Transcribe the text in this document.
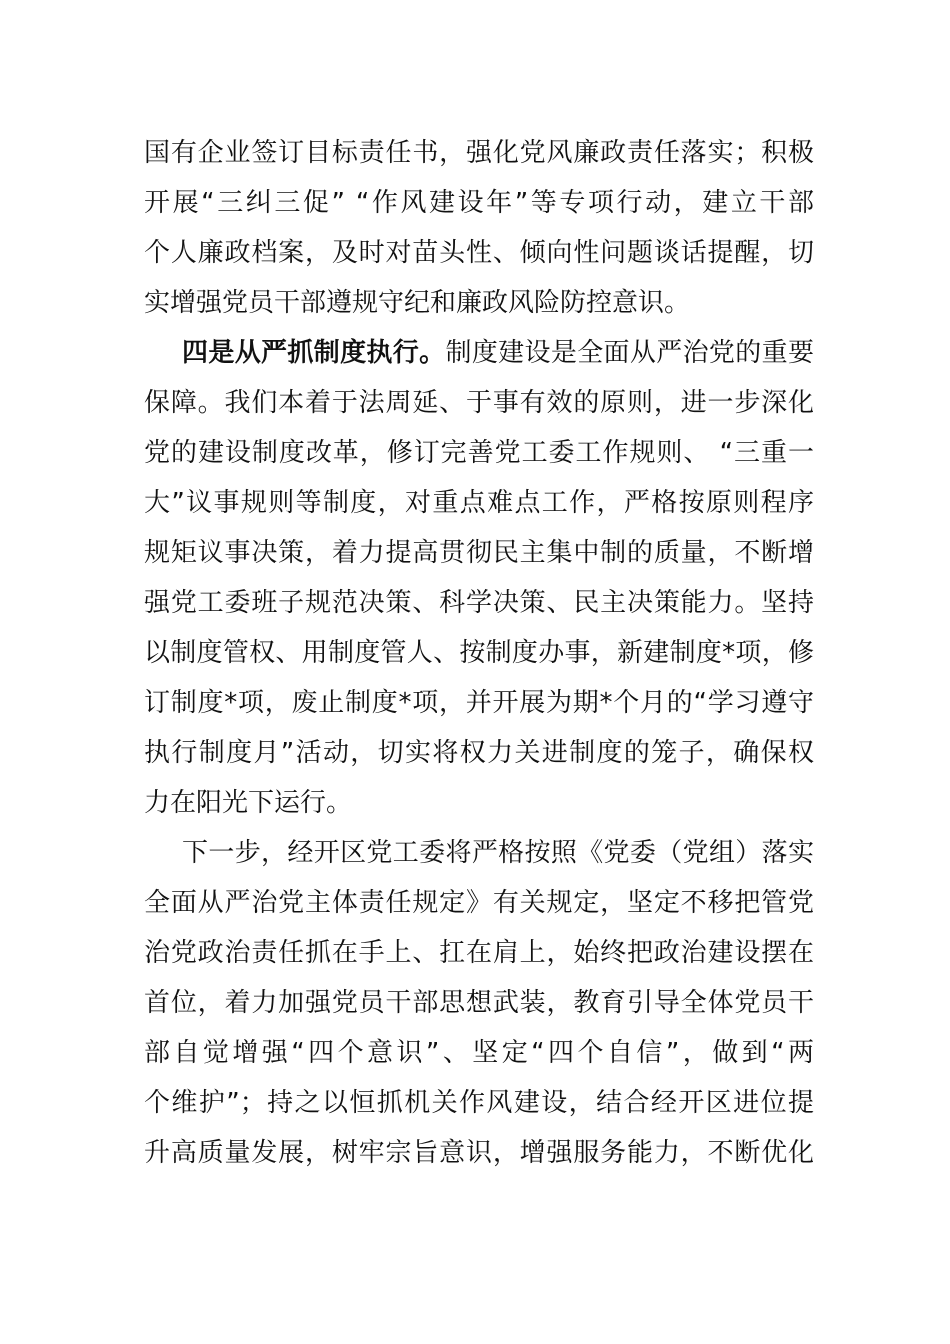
国有企业签订目标责任书，强化党风廉政责任落实；积极
开展“三纠三促” “作风建设年”等专项行动，建立干部
个人廉政档案，及时对苗头性、倾向性问题谈话提醒，切
实增强党员干部遵规守纪和廉政风险防控意识。
四是从严抓制度执行。制度建设是全面从严治党的重要
保障。我们本着于法周延、于事有效的原则，进一步深化
党的建设制度改革，修订完善党工委工作规则、 “三重一
大”议事规则等制度，对重点难点工作，严格按原则程序
规矩议事决策，着力提高贯彻民主集中制的质量，不断增
强党工委班子规范决策、科学决策、民主决策能力。坚持
以制度管权、用制度管人、按制度办事，新建制度*项，修
订制度*项，废止制度*项，并开展为期*个月的“学习遵守
执行制度月”活动，切实将权力关进制度的笼子，确保权
力在阳光下运行。
下一步，经开区党工委将严格按照《党委（党组）落实
全面从严治党主体责任规定》有关规定，坚定不移把管党
治党政治责任抓在手上、扛在肩上，始终把政治建设摆在
首位，着力加强党员干部思想武装，教育引导全体党员干
部自觉增强“四个意识”、坚定“四个自信”，做到“两
个维护”；持之以恒抓机关作风建设，结合经开区进位提
升高质量发展，树牢宗旨意识，增强服务能力，不断优化
